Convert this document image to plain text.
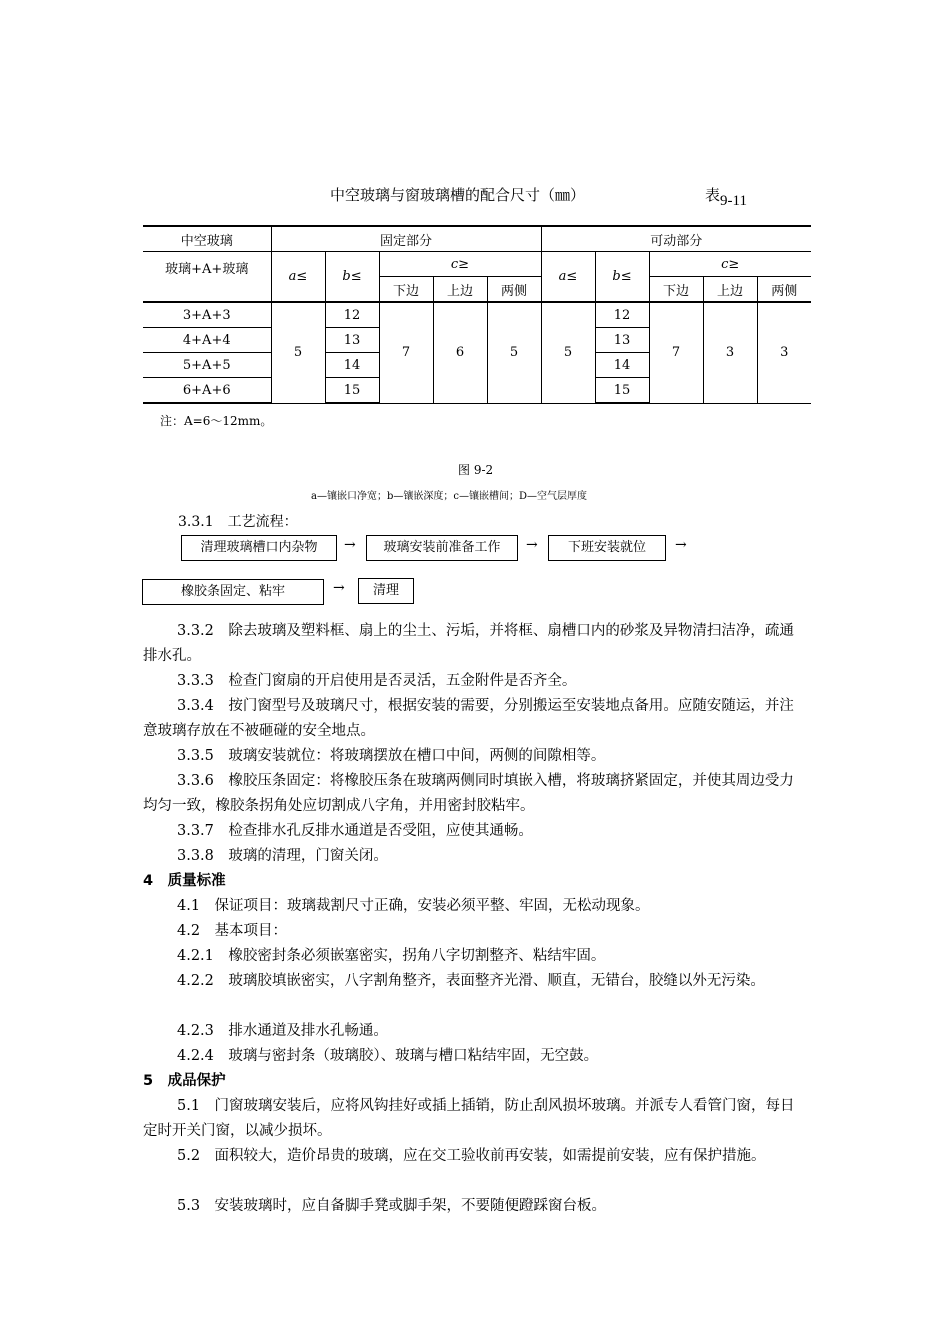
中空玻璃与窗玻璃槽的配合尺寸（㎜）	表9-11
中空玻璃	固定部分					可动部分				
玻璃+A+玻璃	a≤	b≤	c≥			a≤	b≤	c≥		
			下边	上边	两侧			下边	上边	两侧
3+A+3	5	12	7	6	5	5	12	7	3	3
4+A+4		13					13			
5+A+5		14					14			
6+A+6		15					15			
注：A=6～12mm。
图 9-2
a—镶嵌口净宽；b—镶嵌深度；c—镶嵌槽间；D—空气层厚度
3.3.1　工艺流程：
清理玻璃槽口内杂物	→	玻璃安装前准备工作	→	下班安装就位	→
橡胶条固定、粘牢	→	清理
3.3.2　除去玻璃及塑料框、扇上的尘土、污垢，并将框、扇槽口内的砂浆及异物清扫洁净，疏通排水孔。
3.3.3　检查门窗扇的开启使用是否灵活，五金附件是否齐全。
3.3.4　按门窗型号及玻璃尺寸，根据安装的需要，分别搬运至安装地点备用。应随安随运，并注意玻璃存放在不被砸碰的安全地点。
3.3.5　玻璃安装就位：将玻璃摆放在槽口中间，两侧的间隙相等。
3.3.6　橡胶压条固定：将橡胶压条在玻璃两侧同时填嵌入槽，将玻璃挤紧固定，并使其周边受力均匀一致，橡胶条拐角处应切割成八字角，并用密封胶粘牢。
3.3.7　检查排水孔反排水通道是否受阻，应使其通畅。
3.3.8　玻璃的清理，门窗关闭。
4　质量标准
4.1　保证项目：玻璃裁割尺寸正确，安装必须平整、牢固，无松动现象。
4.2　基本项目：
4.2.1　橡胶密封条必须嵌塞密实，拐角八字切割整齐、粘结牢固。
4.2.2　玻璃胶填嵌密实，八字割角整齐，表面整齐光滑、顺直，无错台，胶缝以外无污染。
4.2.3　排水通道及排水孔畅通。
4.2.4　玻璃与密封条（玻璃胶）、玻璃与槽口粘结牢固，无空鼓。
5　成品保护
5.1　门窗玻璃安装后，应将风钩挂好或插上插销，防止刮风损坏玻璃。并派专人看管门窗，每日定时开关门窗，以减少损坏。
5.2　面积较大，造价昂贵的玻璃，应在交工验收前再安装，如需提前安装，应有保护措施。
5.3　安装玻璃时，应自备脚手凳或脚手架，不要随便蹬踩窗台板。
